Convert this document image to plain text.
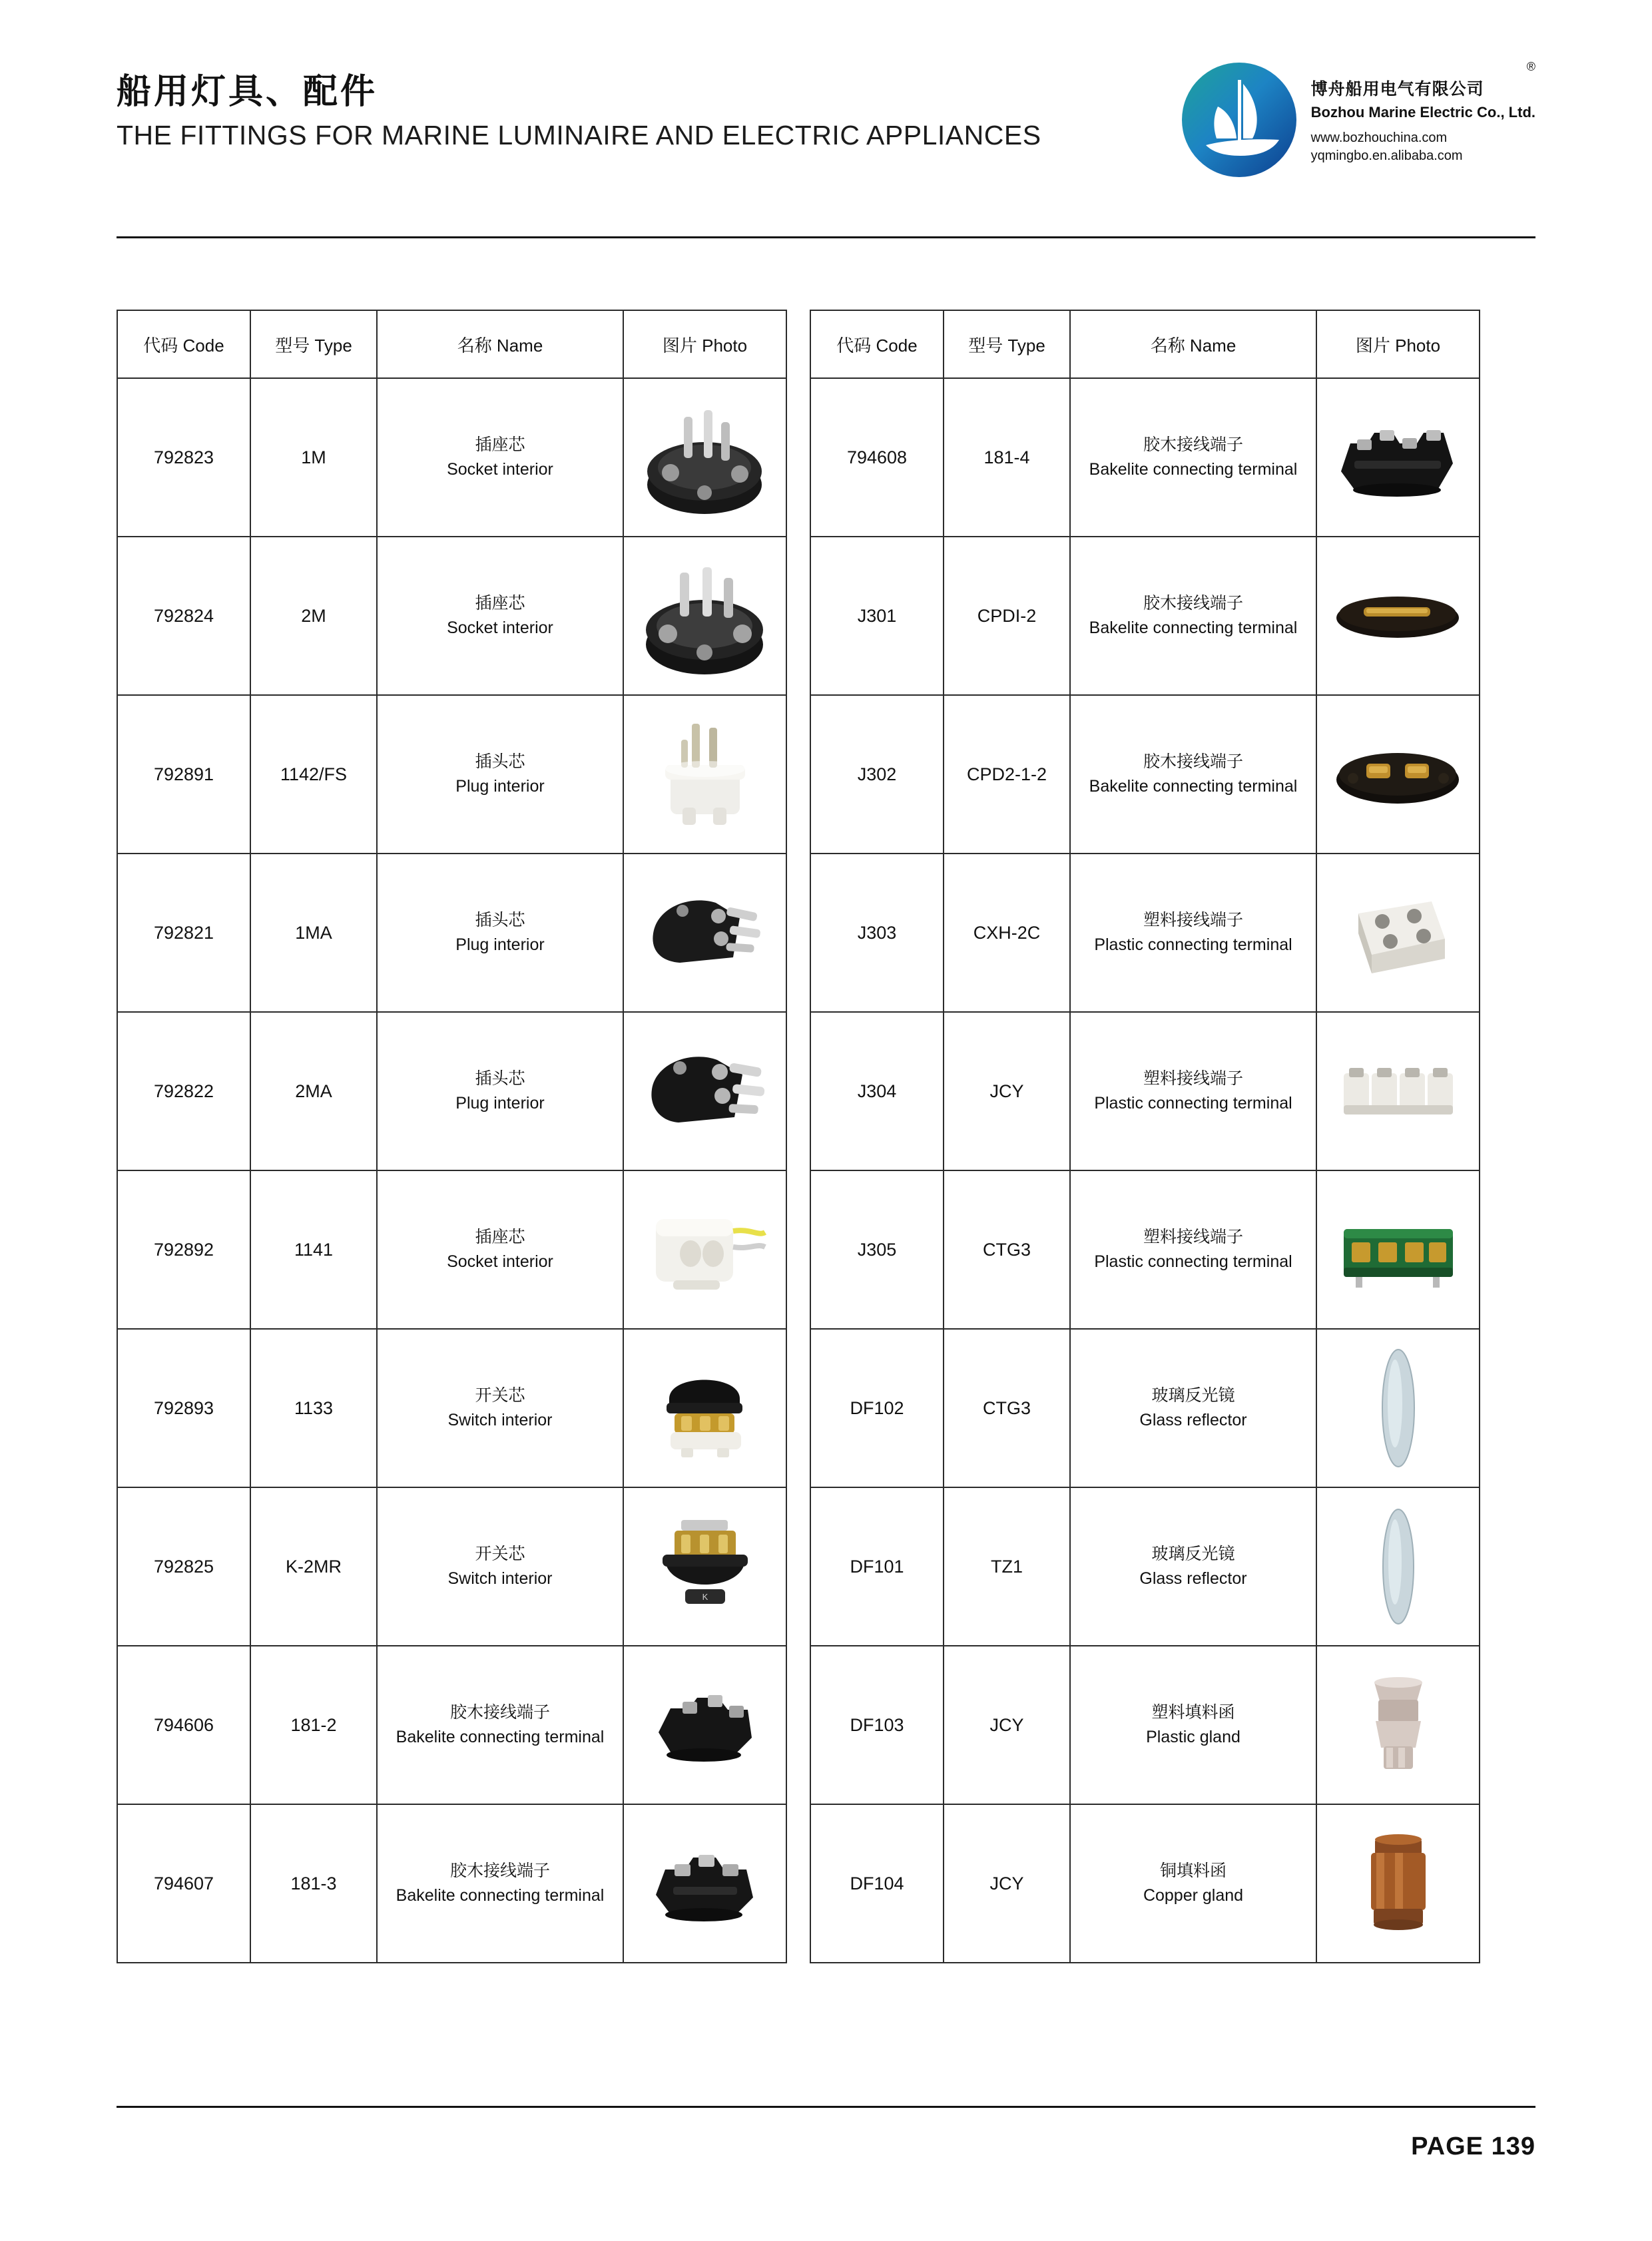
船用灯具、配件
THE FITTINGS FOR MARINE LUMINAIRE AND ELECTRIC APPLIANCES
®
博舟船用电气有限公司
Bozhou Marine Electric Co., Ltd.
www.bozhouchina.com
yqmingbo.en.alibaba.com
代码 Code	型号 Type	名称 Name	图片 Photo
792823	1M	插座芯
Socket interior

792824	2M	插座芯
Socket interior

792891	1142/FS	插头芯
Plug interior

792821	1MA	插头芯
Plug interior

792822	2MA	插头芯
Plug interior

792892	1141	插座芯
Socket interior

792893	1133	开关芯
Switch interior

792825	K-2MR	开关芯
Switch interior	K

794606	181-2	胶木接线端子
Bakelite connecting terminal

794607	181-3	胶木接线端子
Bakelite connecting terminal

代码 Code	型号 Type	名称 Name	图片 Photo
794608	181-4	胶木接线端子
Bakelite connecting terminal

J301	CPDI-2	胶木接线端子
Bakelite connecting terminal

J302	CPD2-1-2	胶木接线端子
Bakelite connecting terminal

J303	CXH-2C	塑料接线端子
Plastic connecting terminal

J304	JCY	塑料接线端子
Plastic connecting terminal

J305	CTG3	塑料接线端子
Plastic connecting terminal

DF102	CTG3	玻璃反光镜
Glass reflector

DF101	TZ1	玻璃反光镜
Glass reflector

DF103	JCY	塑料填料函
Plastic gland

DF104	JCY	铜填料函
Copper gland

PAGE 139
